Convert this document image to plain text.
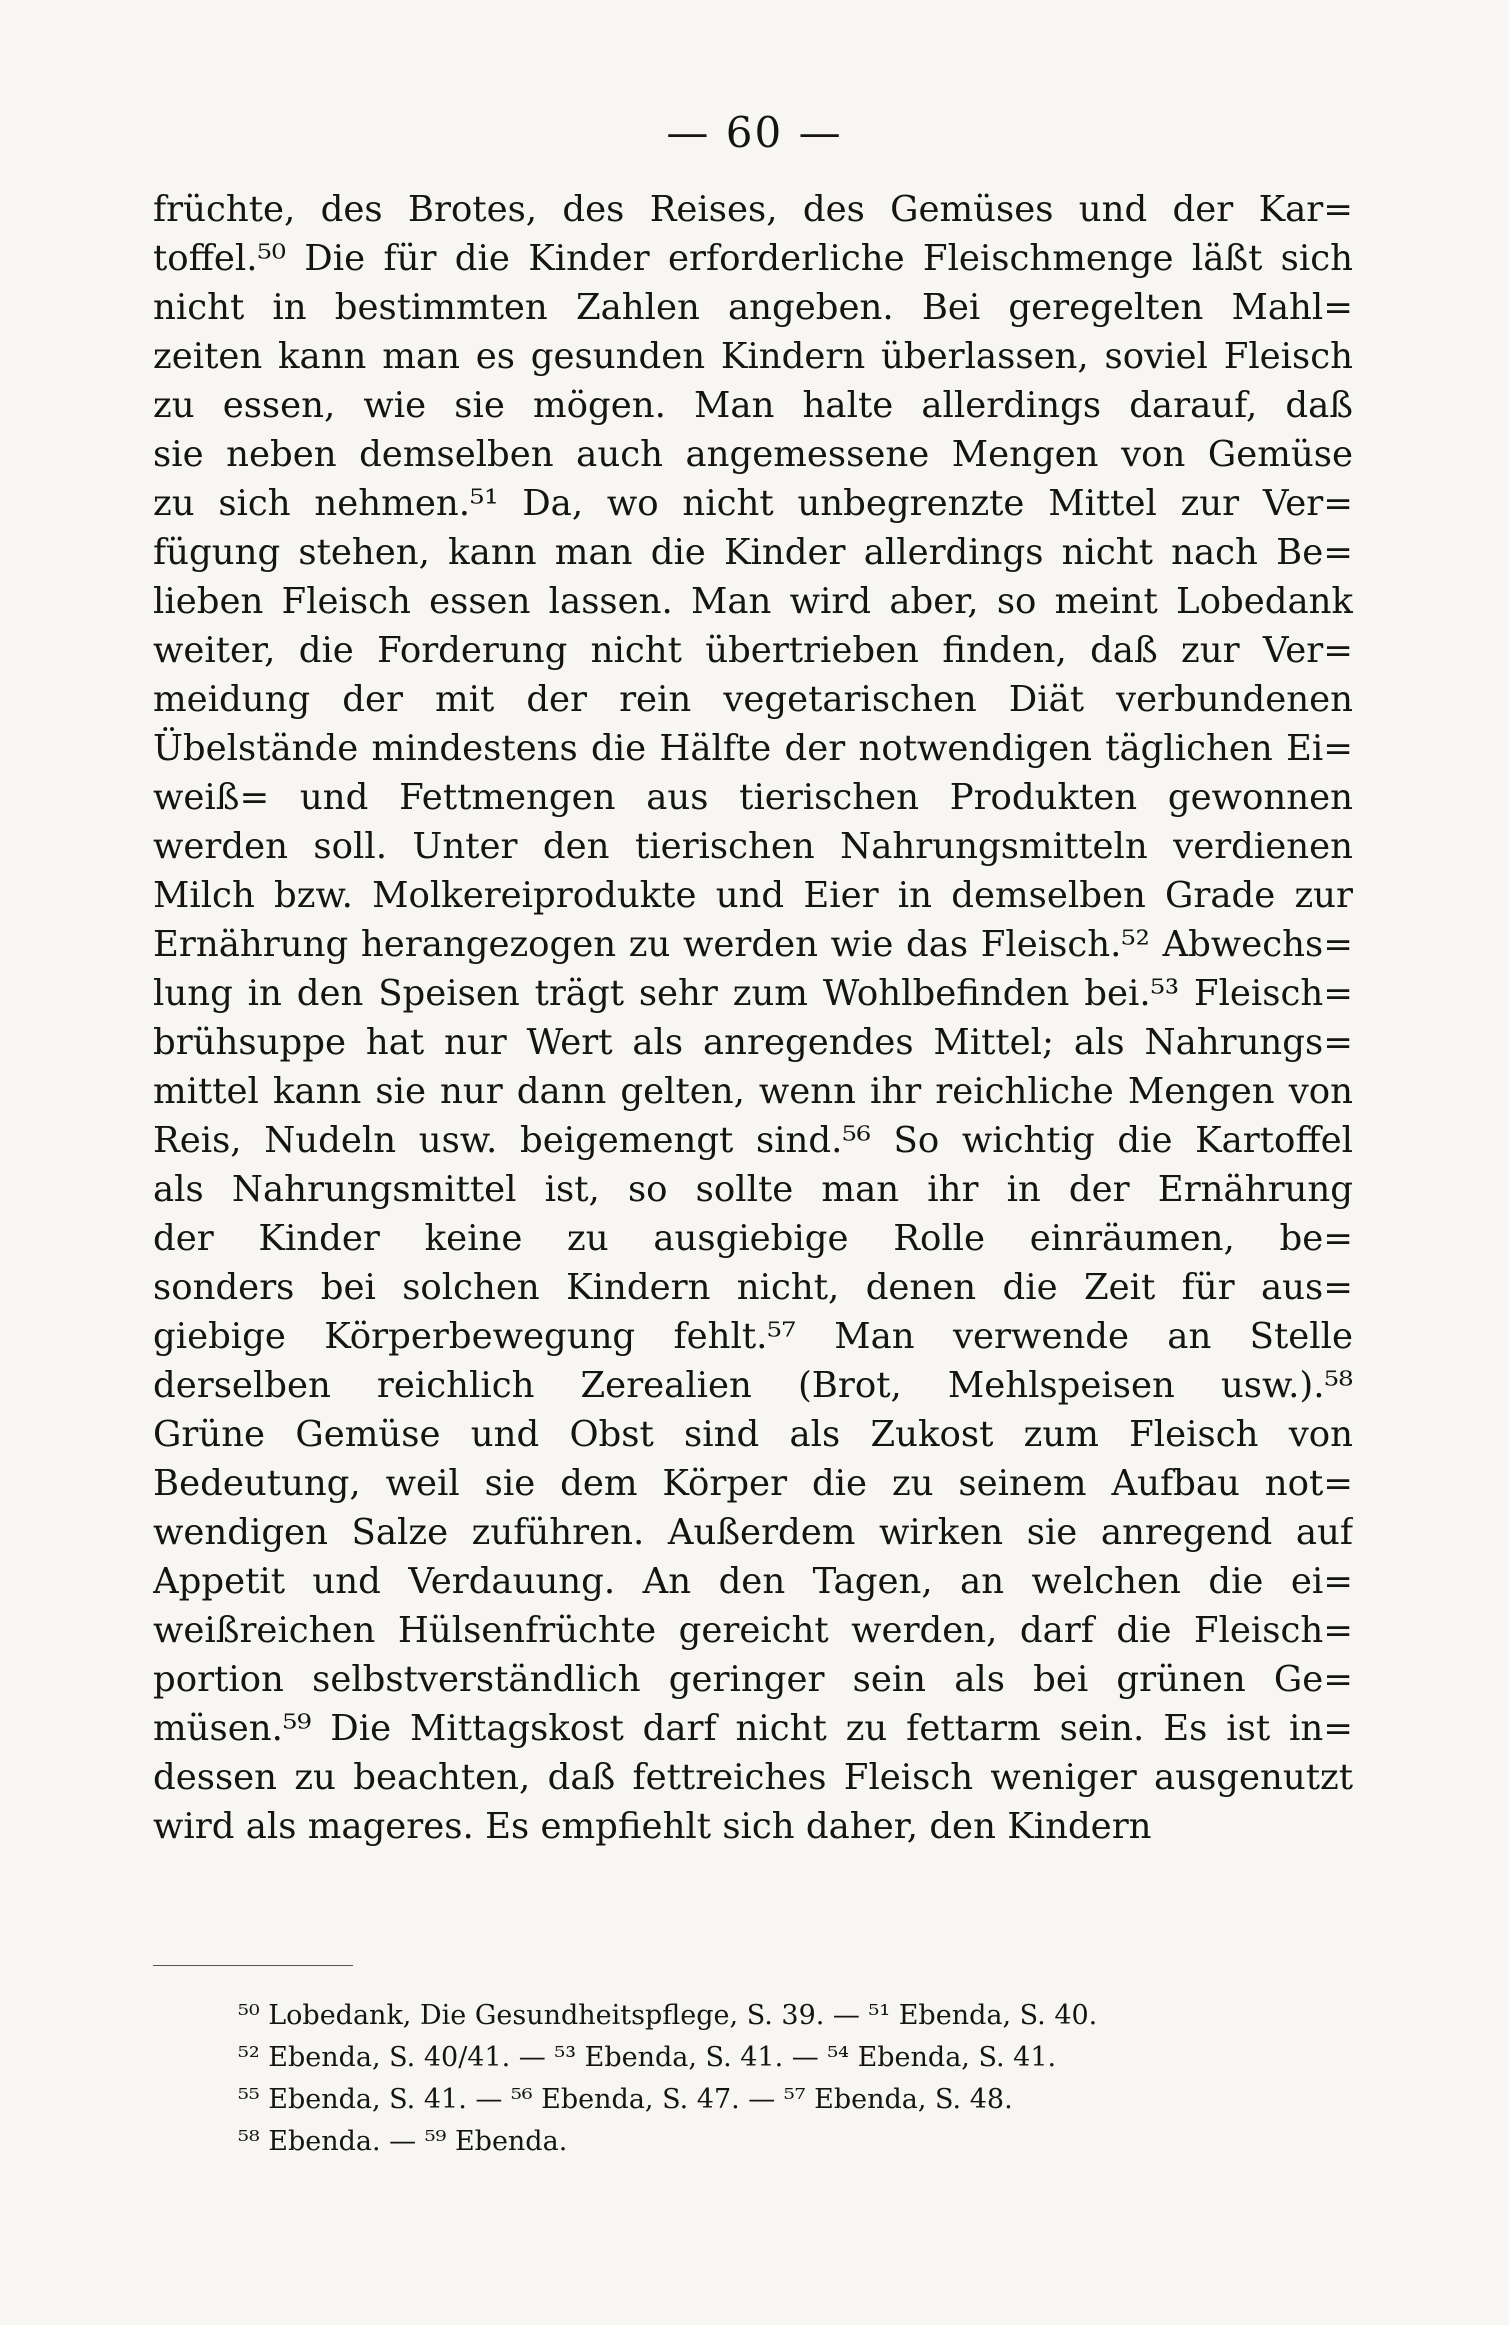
— 60 —
früchte, des Brotes, des Reises, des Gemüses und der Kar=
toffel.⁵⁰ Die für die Kinder erforderliche Fleischmenge läßt sich
nicht in bestimmten Zahlen angeben. Bei geregelten Mahl=
zeiten kann man es gesunden Kindern überlassen, soviel Fleisch
zu essen, wie sie mögen. Man halte allerdings darauf, daß
sie neben demselben auch angemessene Mengen von Gemüse
zu sich nehmen.⁵¹ Da, wo nicht unbegrenzte Mittel zur Ver=
fügung stehen, kann man die Kinder allerdings nicht nach Be=
lieben Fleisch essen lassen. Man wird aber, so meint Lobedank
weiter, die Forderung nicht übertrieben finden, daß zur Ver=
meidung der mit der rein vegetarischen Diät verbundenen
Übelstände mindestens die Hälfte der notwendigen täglichen Ei=
weiß= und Fettmengen aus tierischen Produkten gewonnen
werden soll. Unter den tierischen Nahrungsmitteln verdienen
Milch bzw. Molkereiprodukte und Eier in demselben Grade zur
Ernährung herangezogen zu werden wie das Fleisch.⁵² Abwechs=
lung in den Speisen trägt sehr zum Wohlbefinden bei.⁵³ Fleisch=
brühsuppe hat nur Wert als anregendes Mittel; als Nahrungs=
mittel kann sie nur dann gelten, wenn ihr reichliche Mengen von
Reis, Nudeln usw. beigemengt sind.⁵⁶ So wichtig die Kartoffel
als Nahrungsmittel ist, so sollte man ihr in der Ernährung
der Kinder keine zu ausgiebige Rolle einräumen, be=
sonders bei solchen Kindern nicht, denen die Zeit für aus=
giebige Körperbewegung fehlt.⁵⁷ Man verwende an Stelle
derselben reichlich Zerealien (Brot, Mehlspeisen usw.).⁵⁸
Grüne Gemüse und Obst sind als Zukost zum Fleisch von
Bedeutung, weil sie dem Körper die zu seinem Aufbau not=
wendigen Salze zuführen. Außerdem wirken sie anregend auf
Appetit und Verdauung. An den Tagen, an welchen die ei=
weißreichen Hülsenfrüchte gereicht werden, darf die Fleisch=
portion selbstverständlich geringer sein als bei grünen Ge=
müsen.⁵⁹ Die Mittagskost darf nicht zu fettarm sein. Es ist in=
dessen zu beachten, daß fettreiches Fleisch weniger ausgenutzt
wird als mageres. Es empfiehlt sich daher, den Kindern
⁵⁰ Lobedank, Die Gesundheitspflege, S. 39. — ⁵¹ Ebenda, S. 40.
⁵² Ebenda, S. 40/41. — ⁵³ Ebenda, S. 41. — ⁵⁴ Ebenda, S. 41.
⁵⁵ Ebenda, S. 41. — ⁵⁶ Ebenda, S. 47. — ⁵⁷ Ebenda, S. 48.
⁵⁸ Ebenda. — ⁵⁹ Ebenda.
